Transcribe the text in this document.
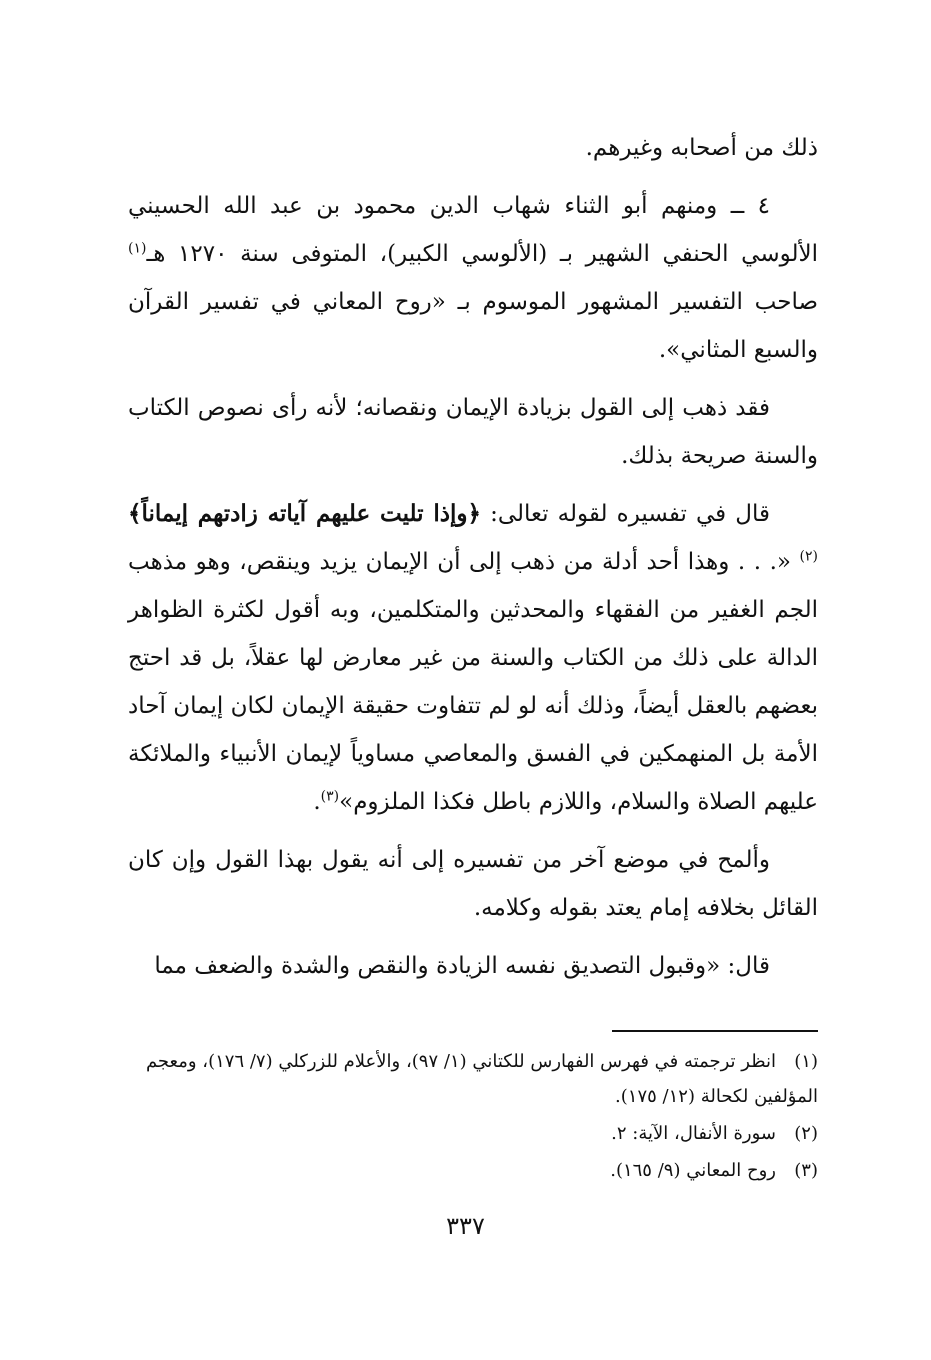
ذلك من أصحابه وغيرهم.

٤ ــ ومنهم أبو الثناء شهاب الدين محمود بن عبد الله الحسيني الألوسي الحنفي الشهير بـ (الألوسي الكبير)، المتوفى سنة ١٢٧٠ هـ$^{(١)}$ صاحب التفسير المشهور الموسوم بـ «روح المعاني في تفسير القرآن والسبع المثاني».

فقد ذهب إلى القول بزيادة الإيمان ونقصانه؛ لأنه رأى نصوص الكتاب والسنة صريحة بذلك.

قال في تفسيره لقوله تعالى: ﴿وإذا تليت عليهم آياته زادتهم إيماناً﴾$^{(٢)}$ «. . . وهذا أحد أدلة من ذهب إلى أن الإيمان يزيد وينقص، وهو مذهب الجم الغفير من الفقهاء والمحدثين والمتكلمين، وبه أقول لكثرة الظواهر الدالة على ذلك من الكتاب والسنة من غير معارض لها عقلاً، بل قد احتج بعضهم بالعقل أيضاً، وذلك أنه لو لم تتفاوت حقيقة الإيمان لكان إيمان آحاد الأمة بل المنهمكين في الفسق والمعاصي مساوياً لإيمان الأنبياء والملائكة عليهم الصلاة والسلام، واللازم باطل فكذا الملزوم»$^{(٣)}$.

وألمح في موضع آخر من تفسيره إلى أنه يقول بهذا القول وإن كان القائل بخلافه إمام يعتد بقوله وكلامه.

قال: «وقبول التصديق نفسه الزيادة والنقص والشدة والضعف مما

(١)انظر ترجمته في فهرس الفهارس للكتاني (١/ ٩٧)، والأعلام للزركلي (٧/ ١٧٦)، ومعجم المؤلفين لكحالة (١٢/ ١٧٥).

(٢)سورة الأنفال، الآية: ٢.

(٣)روح المعاني (٩/ ١٦٥).

٣٣٧
